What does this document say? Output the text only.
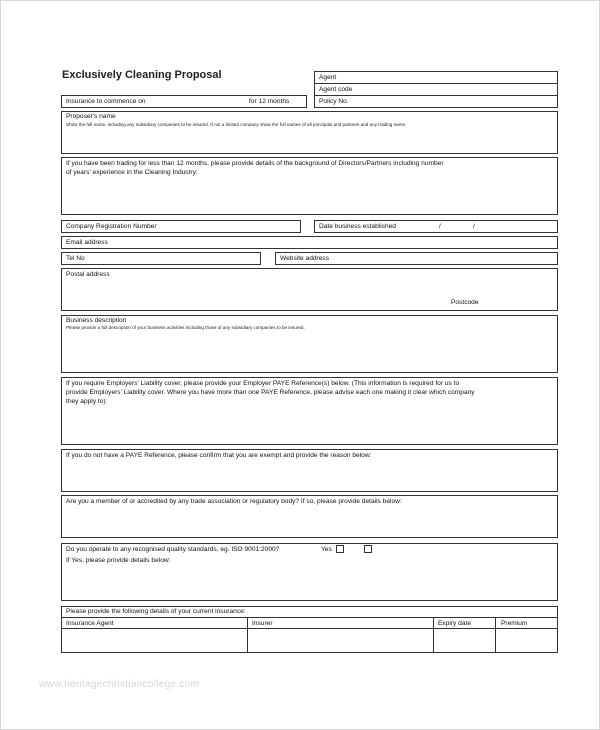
Exclusively Cleaning Proposal	Agent
Agent code
Policy No.
Insurance to commence on	for 12 months
Proposer's name
Show the full name, including any subsidiary companies to be insured. If not a limited company show the full names of all principals and partners and any trading name.
If you have been trading for less than 12 months, please provide details of the background of Directors/Partners including number
of years' experience in the Cleaning Industry:
Company Registration Number	Date business established	/	/
Email address
Tel No	Website address
Postal address
Postcode
Business description
Please provide a full description of your business activities including those of any subsidiary companies to be insured.
If you require Employers' Liability cover, please provide your Employer PAYE Reference(s) below. (This information is required for us to
provide Employers' Liability cover. Where you have more than one PAYE Reference, please advise each one making it clear which company
they apply to):
If you do not have a PAYE Reference, please confirm that you are exempt and provide the reason below:
Are you a member of or accredited by any trade association or regulatory body? If so, please provide details below:
Do you operate to any recognised quality standards, eg. ISO 9001:2000?	Yes
If Yes, please provide details below:
Please provide the following details of your current insurance:
Insurance Agent	Insurer	Expiry date	Premium
www.heritagechristiancollege.com
